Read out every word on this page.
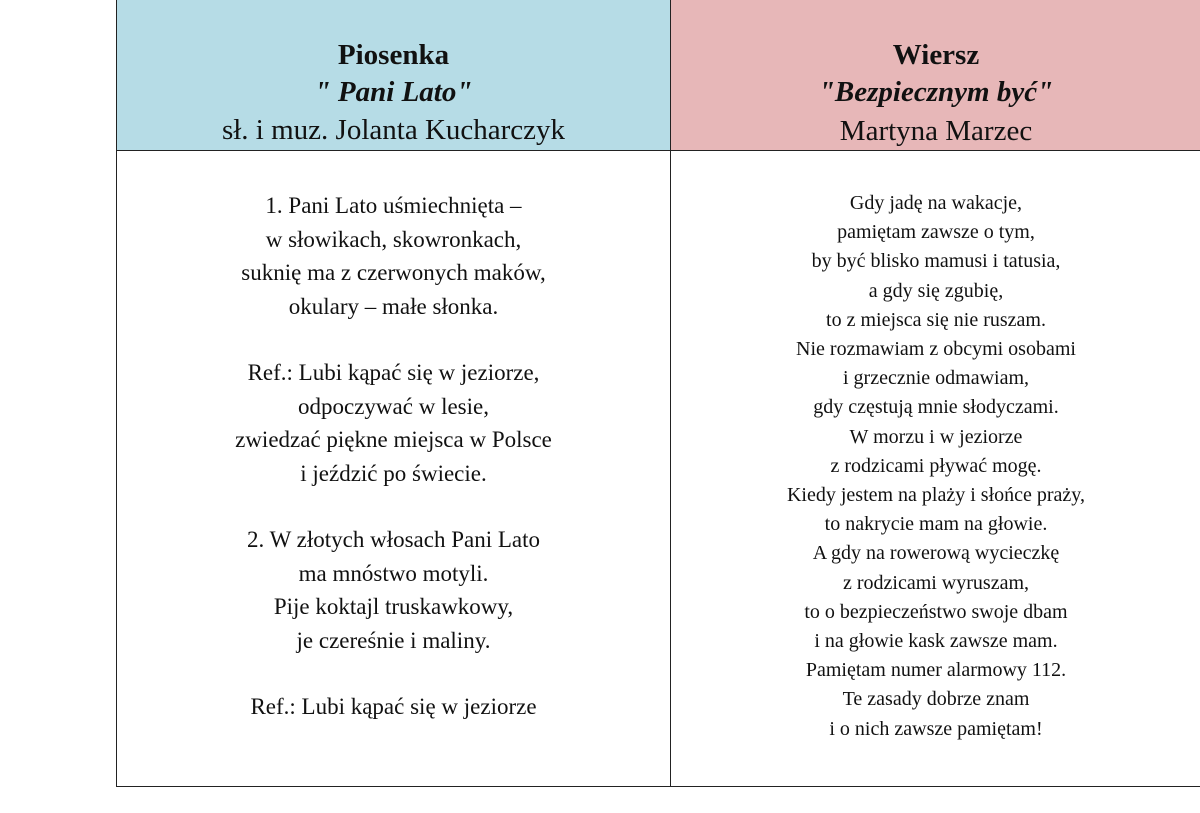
Piosenka
" Pani Lato"
sł. i muz. Jolanta Kucharczyk
Wiersz
"Bezpiecznym być"
Martyna Marzec
1. Pani Lato uśmiechnięta –
w słowikach, skowronkach,
suknię ma z czerwonych maków,
okulary – małe słonka.
Ref.: Lubi kąpać się w jeziorze,
odpoczywać w lesie,
zwiedzać piękne miejsca w Polsce
i jeździć po świecie.
2. W złotych włosach Pani Lato
ma mnóstwo motyli.
Pije koktajl truskawkowy,
je czereśnie i maliny.
Ref.: Lubi kąpać się w jeziorze
Gdy jadę na wakacje,
pamiętam zawsze o tym,
by być blisko mamusi i tatusia,
a gdy się zgubię,
to z miejsca się nie ruszam.
Nie rozmawiam z obcymi osobami
i grzecznie odmawiam,
gdy częstują mnie słodyczami.
W morzu i w jeziorze
z rodzicami pływać mogę.
Kiedy jestem na plaży i słońce praży,
to nakrycie mam na głowie.
A gdy na rowerową wycieczkę
z rodzicami wyruszam,
to o bezpieczeństwo swoje dbam
i na głowie kask zawsze mam.
Pamiętam numer alarmowy 112.
Te zasady dobrze znam
i o nich zawsze pamiętam!
